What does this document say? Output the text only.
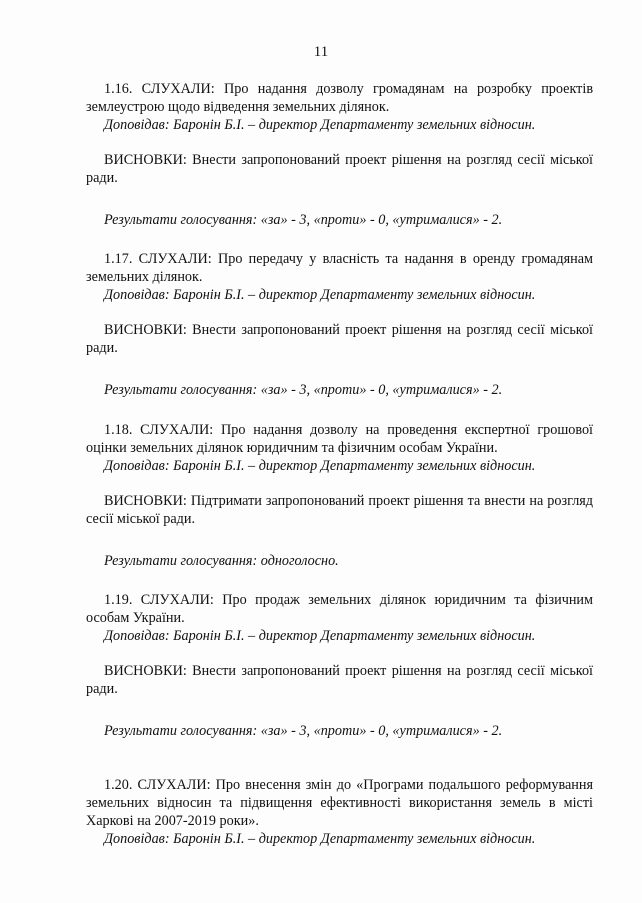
11

1.16. СЛУХАЛИ: Про надання дозволу громадянам на розробку проектів землеустрою щодо відведення земельних ділянок.

Доповідав: Баронін Б.І. – директор Департаменту земельних відносин.

ВИСНОВКИ: Внести запропонований проект рішення на розгляд сесії міської ради.

Результати голосування: «за» - 3, «проти» - 0, «утрималися» - 2.

1.17. СЛУХАЛИ: Про передачу у власність та надання в оренду громадянам земельних ділянок.

Доповідав: Баронін Б.І. – директор Департаменту земельних відносин.

ВИСНОВКИ: Внести запропонований проект рішення на розгляд сесії міської ради.

Результати голосування: «за» - 3, «проти» - 0, «утрималися» - 2.

1.18. СЛУХАЛИ: Про надання дозволу на проведення експертної грошової оцінки земельних ділянок юридичним та фізичним особам України.

Доповідав: Баронін Б.І. – директор Департаменту земельних відносин.

ВИСНОВКИ: Підтримати запропонований проект рішення та внести на розгляд сесії міської ради.

Результати голосування: одноголосно.

1.19. СЛУХАЛИ: Про продаж земельних ділянок юридичним та фізичним особам України.

Доповідав: Баронін Б.І. – директор Департаменту земельних відносин.

ВИСНОВКИ: Внести запропонований проект рішення на розгляд сесії міської ради.

Результати голосування: «за» - 3, «проти» - 0, «утрималися» - 2.

1.20. СЛУХАЛИ: Про внесення змін до «Програми подальшого реформування земельних відносин та підвищення ефективності використання земель в місті Харкові на 2007-2019 роки».

Доповідав: Баронін Б.І. – директор Департаменту земельних відносин.
